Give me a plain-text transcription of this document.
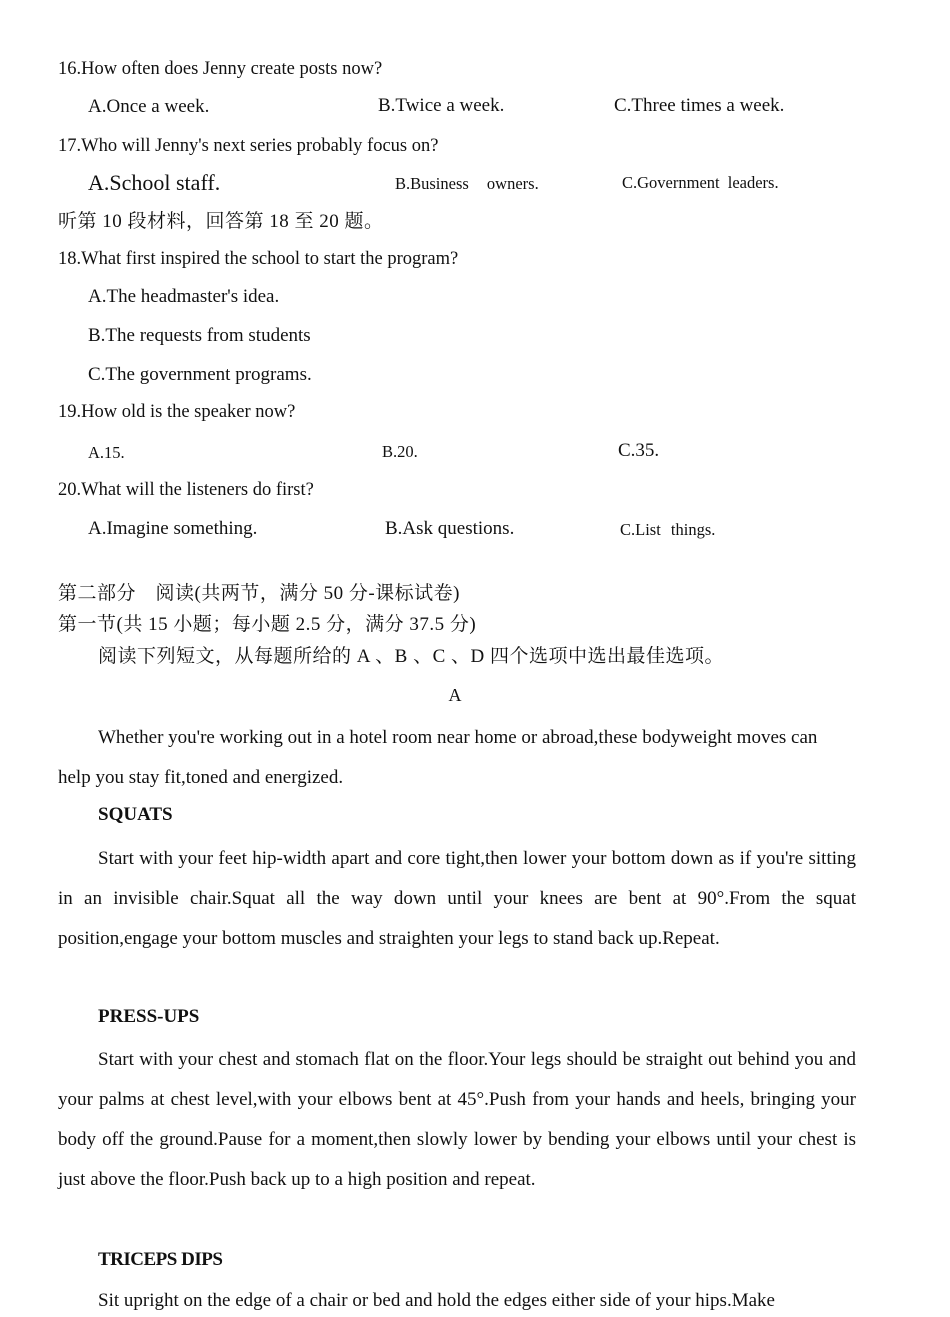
16.How often does Jenny create posts now?
A.Once a week.	B.Twice a week.	C.Three times a week.
17.Who will Jenny's next series probably focus on?
A.School staff.	B.Business owners.	C.Government leaders.
听第 10 段材料，回答第 18 至 20 题。
18.What first inspired the school to start the program?
A.The headmaster's idea.
B.The requests from students
C.The government programs.
19.How old is the speaker now?
A.15.	B.20.	C.35.
20.What will the listeners do first?
A.Imagine something.	B.Ask questions.	C.List things.
第二部分　阅读(共两节，满分 50 分-课标试卷)
第一节(共 15 小题；每小题 2.5 分，满分 37.5 分)
阅读下列短文，从每题所给的 A 、B 、C 、D 四个选项中选出最佳选项。
A
Whether you're working out in a hotel room near home or abroad,these bodyweight moves can help you stay fit,toned and energized.
SQUATS
Start with your feet hip-width apart and core tight,then lower your bottom down as if you're sitting in an invisible chair.Squat all the way down until your knees are bent at 90°.From the squat position,engage your bottom muscles and straighten your legs to stand back up.Repeat.
PRESS-UPS
Start with your chest and stomach flat on the floor.Your legs should be straight out behind you and your palms at chest level,with your elbows bent at 45°.Push from your hands and heels, bringing your body off the ground.Pause for a moment,then slowly lower by bending your elbows until your chest is just above the floor.Push back up to a high position and repeat.
TRICEPS DIPS
Sit upright on the edge of a chair or bed and hold the edges either side of your hips.Make
